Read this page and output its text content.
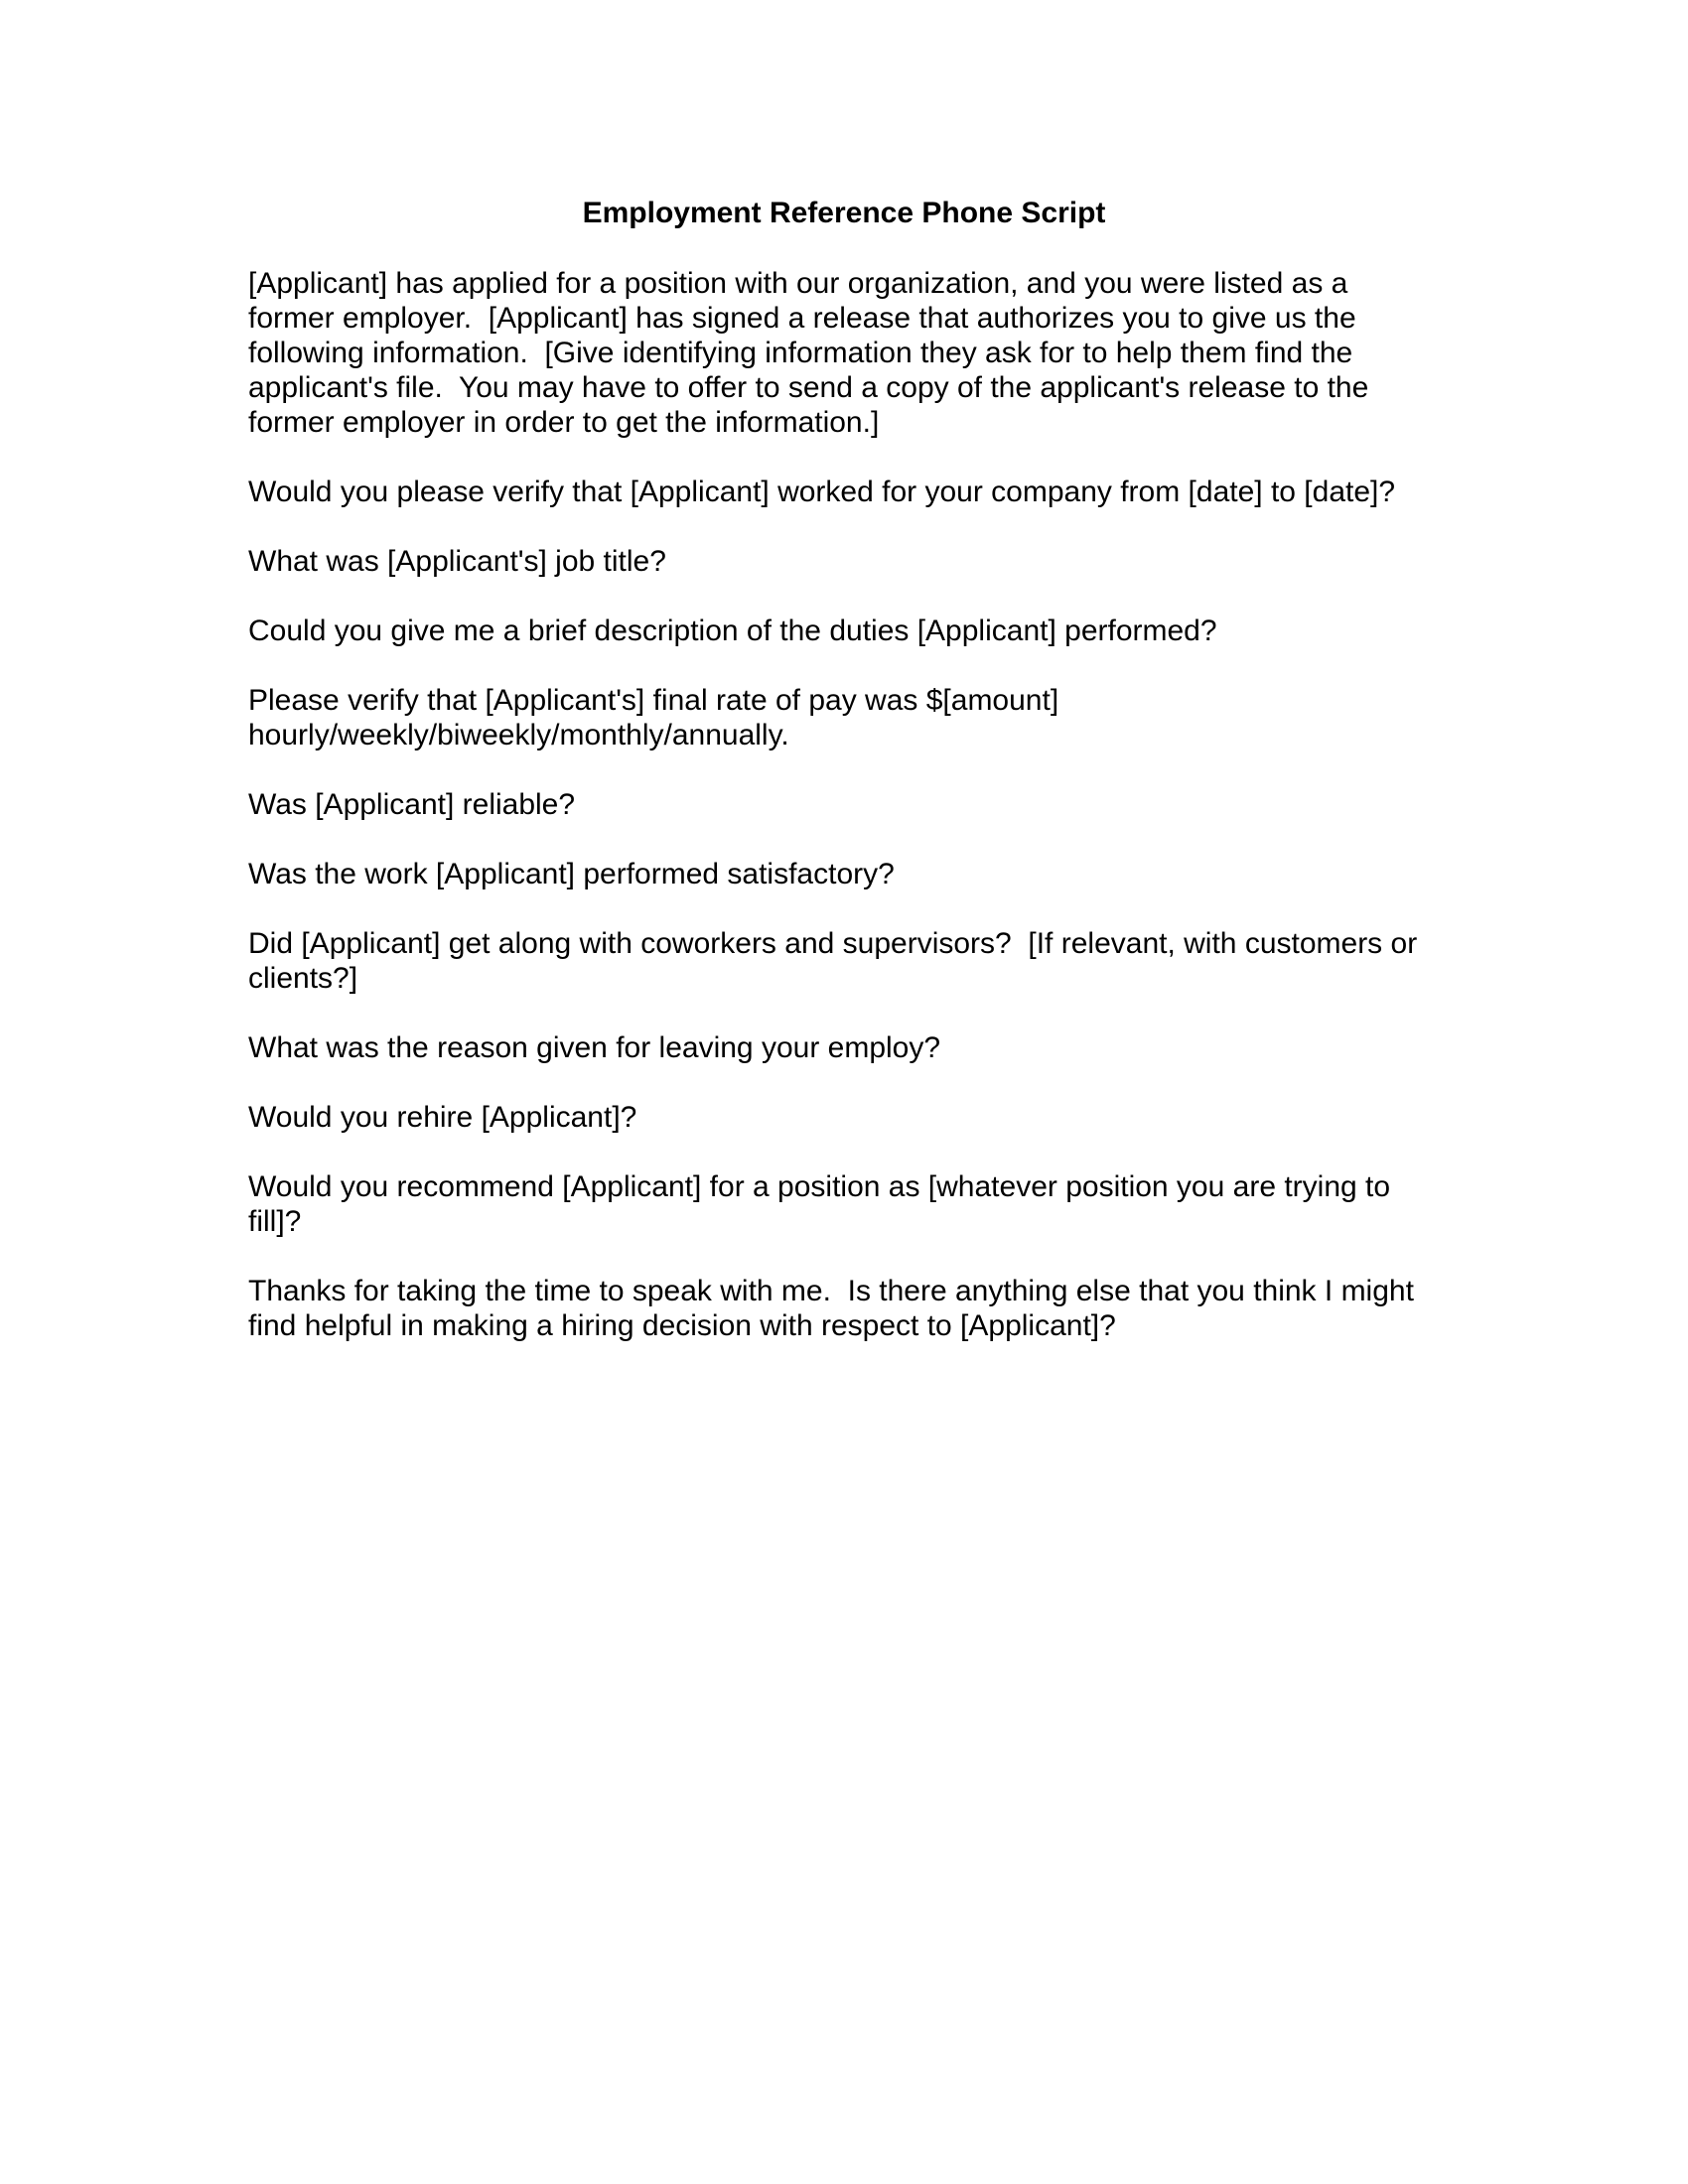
Employment Reference Phone Script

[Applicant] has applied for a position with our organization, and you were listed as a
former employer.  [Applicant] has signed a release that authorizes you to give us the
following information.  [Give identifying information they ask for to help them find the
applicant's file.  You may have to offer to send a copy of the applicant's release to the
former employer in order to get the information.]

Would you please verify that [Applicant] worked for your company from [date] to [date]?

What was [Applicant's] job title?

Could you give me a brief description of the duties [Applicant] performed?

Please verify that [Applicant's] final rate of pay was $[amount]
hourly/weekly/biweekly/monthly/annually.

Was [Applicant] reliable?

Was the work [Applicant] performed satisfactory?

Did [Applicant] get along with coworkers and supervisors?  [If relevant, with customers or
clients?]

What was the reason given for leaving your employ?

Would you rehire [Applicant]?

Would you recommend [Applicant] for a position as [whatever position you are trying to
fill]?

Thanks for taking the time to speak with me.  Is there anything else that you think I might
find helpful in making a hiring decision with respect to [Applicant]?
